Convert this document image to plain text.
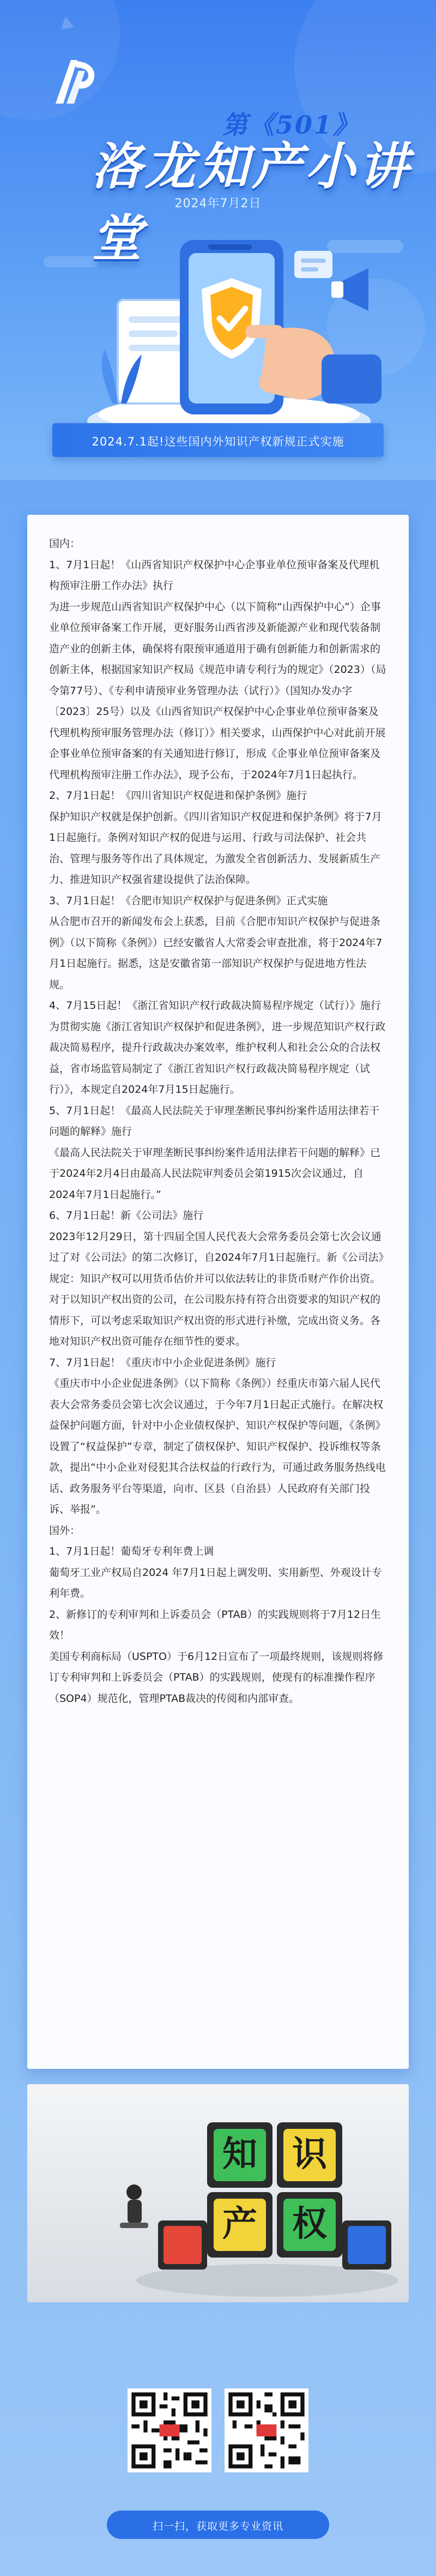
第《501》
洛龙知产小讲堂
2024年7月2日
2024.7.1起!这些国内外知识产权新规正式实施

国内：

1、7月1日起！《山西省知识产权保护中心企事业单位预审备案及代理机构预审注册工作办法》执行

为进一步规范山西省知识产权保护中心（以下简称“山西保护中心”）企事业单位预审备案工作开展，更好服务山西省涉及新能源产业和现代装备制造产业的创新主体，确保将有限预审通道用于确有创新能力和创新需求的创新主体，根据国家知识产权局《规范申请专利行为的规定》（2023）（局令第77号）、《专利申请预审业务管理办法（试行）》（国知办发办字〔2023〕25号）以及《山西省知识产权保护中心企事业单位预审备案及代理机构预审服务管理办法（修订）》相关要求，山西保护中心对此前开展企事业单位预审备案的有关通知进行修订，形成《企事业单位预审备案及代理机构预审注册工作办法》，现予公布，于2024年7月1日起执行。

2、7月1日起！《四川省知识产权促进和保护条例》施行

保护知识产权就是保护创新。《四川省知识产权促进和保护条例》将于7月1日起施行。条例对知识产权的促进与运用、行政与司法保护、社会共治、管理与服务等作出了具体规定，为激发全省创新活力、发展新质生产力、推进知识产权强省建设提供了法治保障。

3、7月1日起！《合肥市知识产权保护与促进条例》正式实施

从合肥市召开的新闻发布会上获悉，目前《合肥市知识产权保护与促进条例》（以下简称《条例》）已经安徽省人大常委会审查批准，将于2024年7月1日起施行。据悉，这是安徽省第一部知识产权保护与促进地方性法规。

4、7月15日起！《浙江省知识产权行政裁决简易程序规定（试行）》施行

为贯彻实施《浙江省知识产权保护和促进条例》，进一步规范知识产权行政裁决简易程序，提升行政裁决办案效率，维护权利人和社会公众的合法权益，省市场监管局制定了《浙江省知识产权行政裁决简易程序规定（试行）》，本规定自2024年7月15日起施行。

5、7月1日起！《最高人民法院关于审理垄断民事纠纷案件适用法律若干问题的解释》施行

《最高人民法院关于审理垄断民事纠纷案件适用法律若干问题的解释》已于2024年2月4日由最高人民法院审判委员会第1915次会议通过，自2024年7月1日起施行。”

6、7月1日起！新《公司法》施行

2023年12月29日，第十四届全国人民代表大会常务委员会第七次会议通过了对《公司法》的第二次修订，自2024年7月1日起施行。新《公司法》规定：知识产权可以用货币估价并可以依法转让的非货币财产作价出资。对于以知识产权出资的公司，在公司股东持有符合出资要求的知识产权的情形下，可以考虑采取知识产权出资的形式进行补缴，完成出资义务。各地对知识产权出资可能存在细节性的要求。

7、7月1日起！《重庆市中小企业促进条例》施行

《重庆市中小企业促进条例》（以下简称《条例》）经重庆市第六届人民代表大会常务委员会第七次会议通过，于今年7月1日起正式施行。在解决权益保护问题方面，针对中小企业债权保护、知识产权保护等问题，《条例》设置了“权益保护”专章，制定了债权保护、知识产权保护、投诉维权等条款，提出“中小企业对侵犯其合法权益的行政行为，可通过政务服务热线电话、政务服务平台等渠道，向市、区县（自治县）人民政府有关部门投诉、举报”。

国外：

1、7月1日起！葡萄牙专利年费上调

葡萄牙工业产权局自2024 年7月1日起上调发明、实用新型、外观设计专利年费。

2、新修订的专利审判和上诉委员会（PTAB）的实践规则将于7月12日生效！

美国专利商标局（USPTO）于6月12日宣布了一项最终规则，该规则将修订专利审判和上诉委员会（PTAB）的实践规则，使现有的标准操作程序（SOP4）规范化，管理PTAB裁决的传阅和内部审查。

知 识
产 权
扫一扫，获取更多专业资讯
